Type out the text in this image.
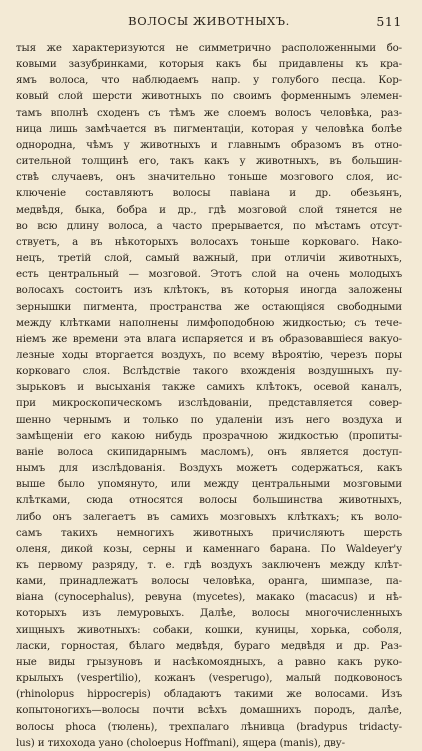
ВОЛОСЫ ЖИВОТНЫХЪ.	511
тыя же характеризуются не симметрично расположенными бо-
ковыми зазубринками, которыя какъ бы придавлены къ кра-
ямъ волоса, что наблюдаемъ напр. у голубого песца. Кор-
ковый слой шерсти животныхъ по своимъ форменнымъ элемен-
тамъ вполнѣ сходенъ съ тѣмъ же слоемъ волосъ человѣка, раз-
ница лишь замѣчается въ пигментаціи, которая у человѣка болѣе
однородна, чѣмъ у животныхъ и главнымъ образомъ въ отно-
сительной толщинѣ его, такъ какъ у животныхъ, въ большин-
ствѣ случаевъ, онъ значительно тоньше мозгового слоя, ис-
ключеніе составляютъ волосы павіана и др. обезьянъ,
медвѣдя, быка, бобра и др., гдѣ мозговой слой тянется не
во всю длину волоса, а часто прерывается, по мѣстамъ отсут-
ствуетъ, а въ нѣкоторыхъ волосахъ тоньше корковаго. Нако-
нецъ, третій слой, самый важный, при отличіи животныхъ,
есть центральный — мозговой. Этотъ слой на очень молодыхъ
волосахъ состоитъ изъ клѣтокъ, въ которыя иногда заложены
зернышки пигмента, пространства же остающіяся свободными
между клѣтками наполнены лимфоподобною жидкостью; съ тече-
ніемъ же времени эта влага испаряется и въ образовавшіеся вакуо-
лезные ходы вторгается воздухъ, по всему вѣроятію, черезъ поры
корковаго слоя. Вслѣдствіе такого вхожденія воздушныхъ пу-
зырьковъ и высыханія также самихъ клѣтокъ, осевой каналъ,
при микроскопическомъ изслѣдованіи, представляется совер-
шенно чернымъ и только по удаленіи изъ него воздуха и
замѣщеніи его какою нибудь прозрачною жидкостью (пропиты-
ваніе волоса скипидарнымъ масломъ), онъ является доступ-
нымъ для изслѣдованія. Воздухъ можетъ содержаться, какъ
выше было упомянуто, или между центральными мозговыми
клѣтками, сюда относятся волосы большинства животныхъ,
либо онъ залегаетъ въ самихъ мозговыхъ клѣткахъ; къ воло-
самъ такихъ немногихъ животныхъ причисляютъ шерсть
оленя, дикой козы, серны и каменнаго барана. По Waldeyer'у
къ первому разряду, т. е. гдѣ воздухъ заключенъ между клѣт-
ками, принадлежатъ волосы человѣка, оранга, шимпазе, па-
віана (cynocephalus), ревуна (mycetes), макако (macacus) и нѣ-
которыхъ изъ лемуровыхъ. Далѣе, волосы многочисленныхъ
хищныхъ животныхъ: собаки, кошки, куницы, хорька, соболя,
ласки, горностая, бѣлаго медвѣдя, бураго медвѣдя и др. Раз-
ные виды грызуновъ и насѣкомоядныхъ, а равно какъ руко-
крылыхъ (vespertilio), кожанъ (vesperugo), малый подковоносъ
(rhinolopus hippocrepis) обладаютъ такими же волосами. Изъ
копытоногихъ—волосы почти всѣхъ домашнихъ породъ, далѣе,
волосы phoca (тюлень), трехпалаго лѣнивца (bradypus tridacty-
lus) и тихохода уано (choloepus Hoffmani), ящера (manis), дву-
